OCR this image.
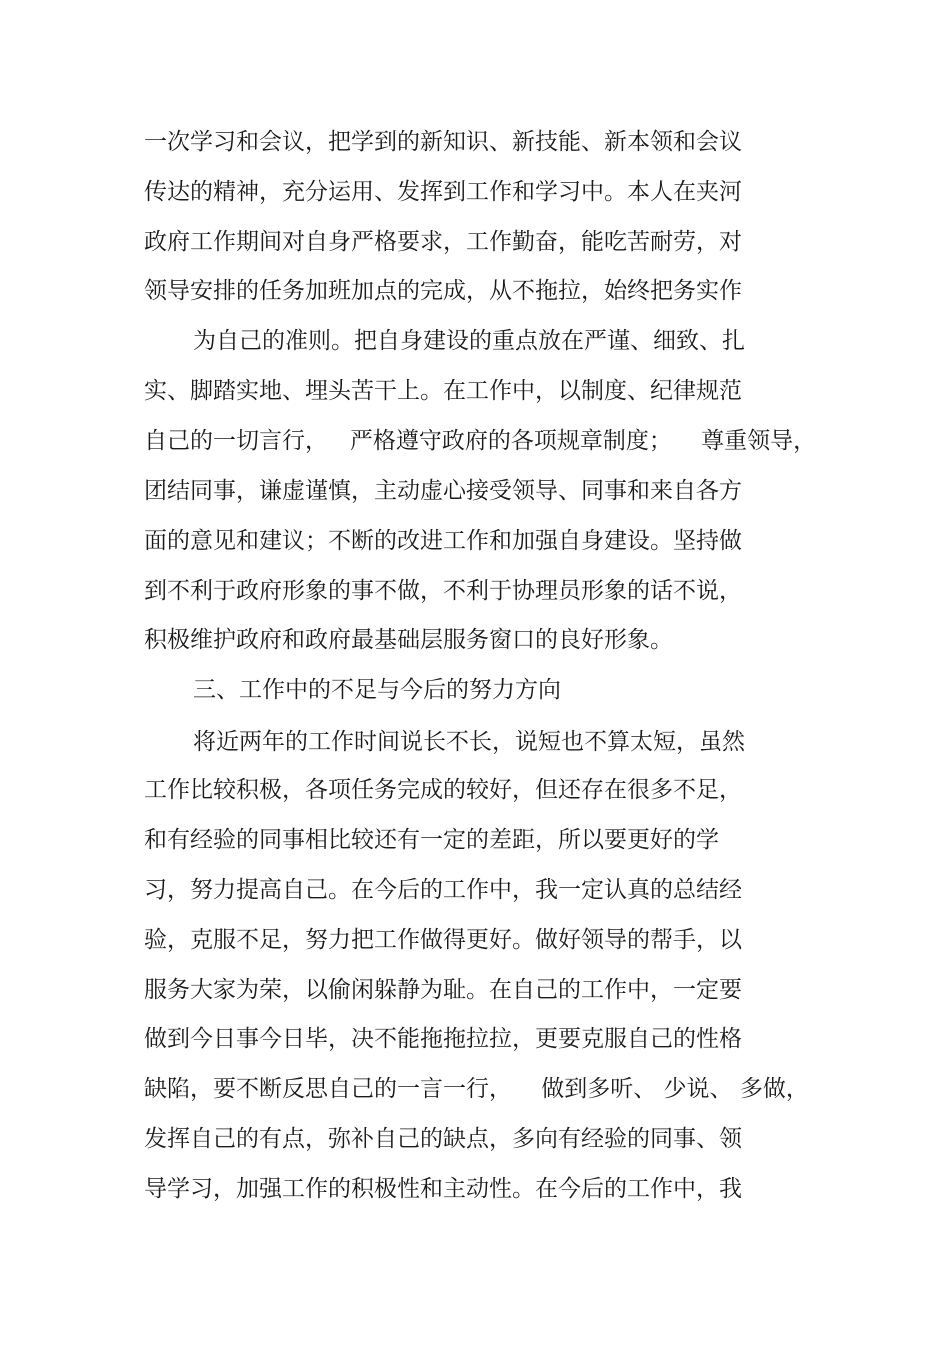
一次学习和会议，把学到的新知识、新技能、新本领和会议
传达的精神，充分运用、发挥到工作和学习中。本人在夹河
政府工作期间对自身严格要求，工作勤奋，能吃苦耐劳，对
领导安排的任务加班加点的完成，从不拖拉，始终把务实作
为自己的准则。把自身建设的重点放在严谨、细致、扎
实、脚踏实地、埋头苦干上。在工作中，以制度、纪律规范
自己的一切言行，   严格遵守政府的各项规章制度；    尊重领导，
团结同事，谦虚谨慎，主动虚心接受领导、同事和来自各方
面的意见和建议；不断的改进工作和加强自身建设。坚持做
到不利于政府形象的事不做，不利于协理员形象的话不说，
积极维护政府和政府最基础层服务窗口的良好形象。
三、工作中的不足与今后的努力方向
将近两年的工作时间说长不长，说短也不算太短，虽然
工作比较积极，各项任务完成的较好，但还存在很多不足，
和有经验的同事相比较还有一定的差距，所以要更好的学
习，努力提高自己。在今后的工作中，我一定认真的总结经
验，克服不足，努力把工作做得更好。做好领导的帮手，以
服务大家为荣，以偷闲躲静为耻。在自己的工作中，一定要
做到今日事今日毕，决不能拖拖拉拉，更要克服自己的性格
缺陷，要不断反思自己的一言一行，    做到多听、 少说、 多做，
发挥自己的有点，弥补自己的缺点，多向有经验的同事、领
导学习，加强工作的积极性和主动性。在今后的工作中，我
